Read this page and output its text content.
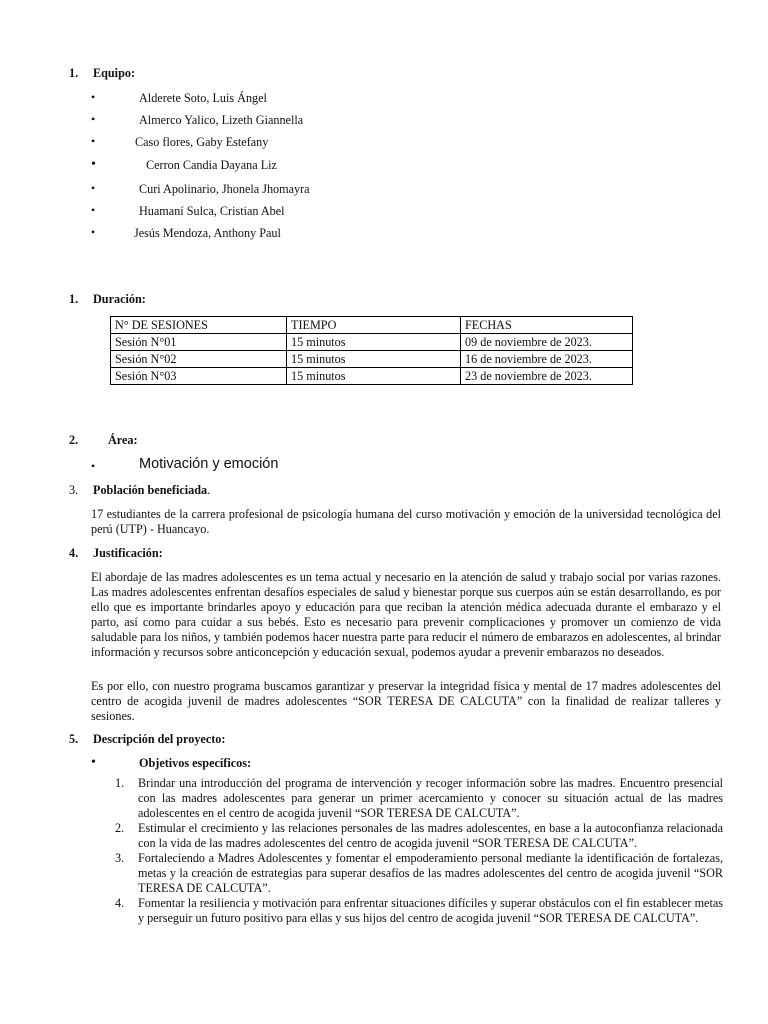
1. Equipo:
•	Alderete Soto, Luis Ángel
•	Almerco Yalico, Lizeth Giannella
•	Caso flores, Gaby Estefany
•	Cerron Candia Dayana Liz
•	Curi Apolinario, Jhonela Jhomayra
•	Huamaní Sulca, Cristian Abel
•	Jesús Mendoza, Anthony Paul
1. Duración:
N° DE SESIONES	TIEMPO	FECHAS
Sesión N°01	15 minutos	09 de noviembre de 2023.
Sesión N°02	15 minutos	16 de noviembre de 2023.
Sesión N°03	15 minutos	23 de noviembre de 2023.
2. Área:
•	Motivación y emoción
3. Población beneficiada.
17 estudiantes de la carrera profesional de psicología humana del curso motivación y emoción de la universidad tecnológica del perú (UTP) - Huancayo.
4. Justificación:
El abordaje de las madres adolescentes es un tema actual y necesario en la atención de salud y trabajo social por varias razones. Las madres adolescentes enfrentan desafíos especiales de salud y bienestar porque sus cuerpos aún se están desarrollando, es por ello que es importante brindarles apoyo y educación para que reciban la atención médica adecuada durante el embarazo y el parto, así como para cuidar a sus bebés. Esto es necesario para prevenir complicaciones y promover un comienzo de vida saludable para los niños, y también podemos hacer nuestra parte para reducir el número de embarazos en adolescentes, al brindar información y recursos sobre anticoncepción y educación sexual, podemos ayudar a prevenir embarazos no deseados.
Es por ello, con nuestro programa buscamos garantizar y preservar la integridad física y mental de 17 madres adolescentes del centro de acogida juvenil de madres adolescentes “SOR TERESA DE CALCUTA” con la finalidad de realizar talleres y sesiones.
5. Descripción del proyecto:
•	Objetivos específicos:
1. Brindar una introducción del programa de intervención y recoger información sobre las madres. Encuentro presencial con las madres adolescentes para generar un primer acercamiento y conocer su situación actual de las madres adolescentes en el centro de acogida juvenil “SOR TERESA DE CALCUTA”.
2. Estimular el crecimiento y las relaciones personales de las madres adolescentes, en base a la autoconfianza relacionada con la vida de las madres adolescentes del centro de acogida juvenil “SOR TERESA DE CALCUTA”.
3. Fortaleciendo a Madres Adolescentes y fomentar el empoderamiento personal mediante la identificación de fortalezas, metas y la creación de estrategias para superar desafíos de las madres adolescentes del centro de acogida juvenil “SOR TERESA DE CALCUTA”.
4. Fomentar la resiliencia y motivación para enfrentar situaciones difíciles y superar obstáculos con el fin establecer metas y perseguir un futuro positivo para ellas y sus hijos del centro de acogida juvenil “SOR TERESA DE CALCUTA”.
